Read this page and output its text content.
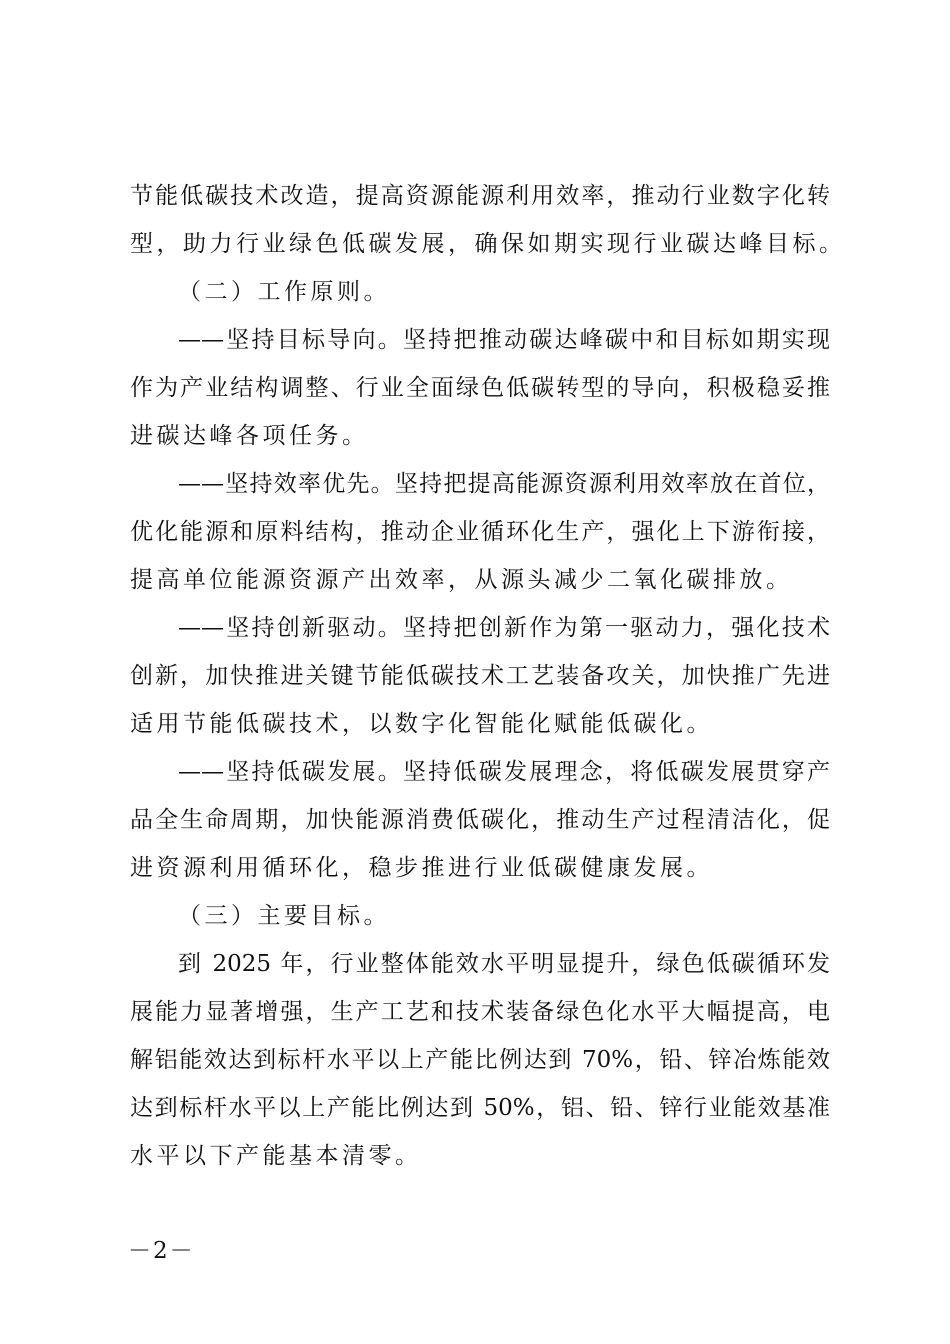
节能低碳技术改造，提高资源能源利用效率，推动行业数字化转
型，助力行业绿色低碳发展，确保如期实现行业碳达峰目标。
（二）工作原则。
——坚持目标导向。坚持把推动碳达峰碳中和目标如期实现
作为产业结构调整、行业全面绿色低碳转型的导向，积极稳妥推
进碳达峰各项任务。
——坚持效率优先。坚持把提高能源资源利用效率放在首位，
优化能源和原料结构，推动企业循环化生产，强化上下游衔接，
提高单位能源资源产出效率，从源头减少二氧化碳排放。
——坚持创新驱动。坚持把创新作为第一驱动力，强化技术
创新，加快推进关键节能低碳技术工艺装备攻关，加快推广先进
适用节能低碳技术，以数字化智能化赋能低碳化。
——坚持低碳发展。坚持低碳发展理念，将低碳发展贯穿产
品全生命周期，加快能源消费低碳化，推动生产过程清洁化，促
进资源利用循环化，稳步推进行业低碳健康发展。
（三）主要目标。
到 2025 年，行业整体能效水平明显提升，绿色低碳循环发
展能力显著增强，生产工艺和技术装备绿色化水平大幅提高，电
解铝能效达到标杆水平以上产能比例达到 70%，铅、锌冶炼能效
达到标杆水平以上产能比例达到 50%，铝、铅、锌行业能效基准
水平以下产能基本清零。
－2－
